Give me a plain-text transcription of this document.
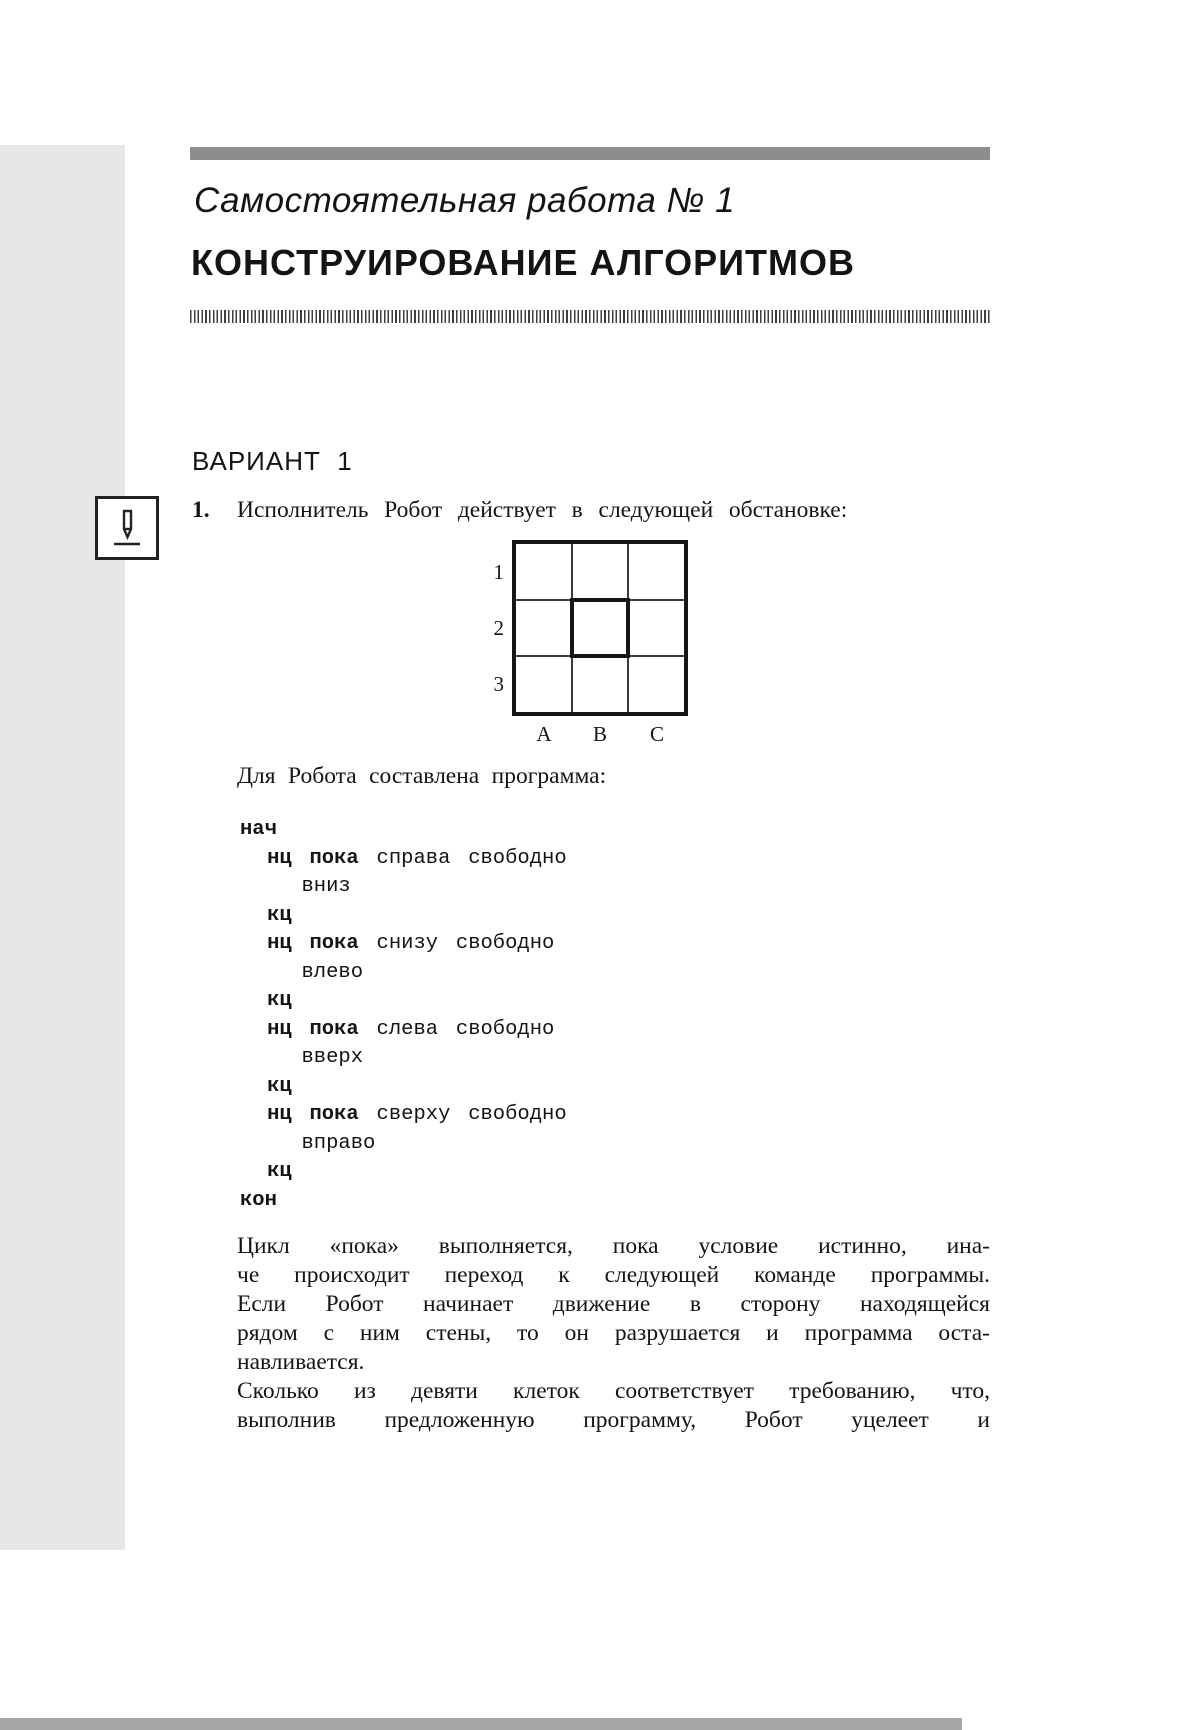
Самостоятельная работа № 1
КОНСТРУИРОВАНИЕ АЛГОРИТМОВ
ВАРИАНТ  1
1. Исполнитель Робот действует в следующей обстановке:
1
2
3
A	B	C
Для Робота составлена программа:
нач
нц пока справа свободно
вниз
кц
нц пока снизу свободно
влево
кц
нц пока слева свободно
вверх
кц
нц пока сверху свободно
вправо
кц
кон
Цикл «пока» выполняется, пока условие истинно, ина-
че происходит переход к следующей команде программы.
Если Робот начинает движение в сторону находящейся
рядом с ним стены, то он разрушается и программа оста-
навливается.
Сколько из девяти клеток соответствует требованию, что,
выполнив предложенную программу, Робот уцелеет и
